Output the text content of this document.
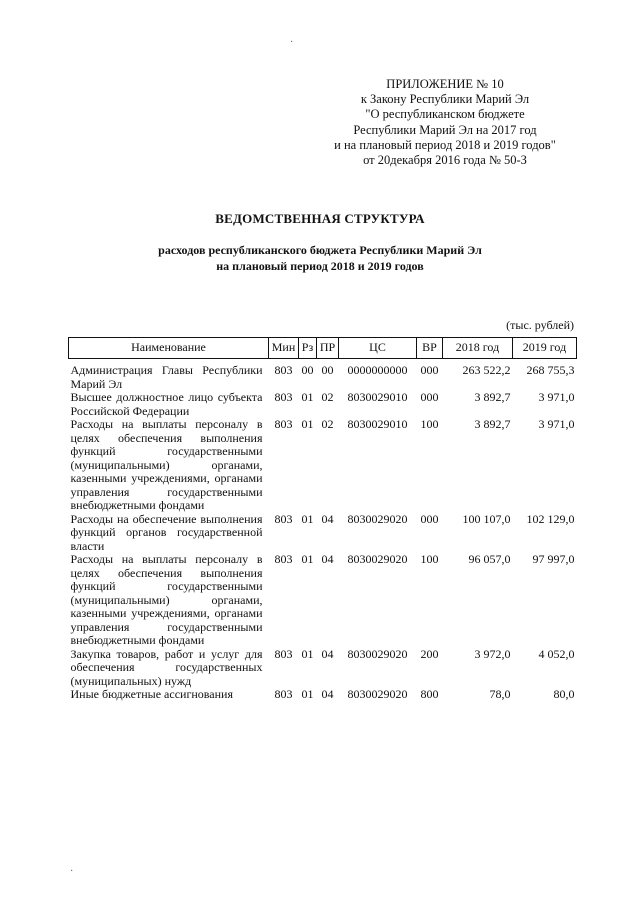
ПРИЛОЖЕНИЕ № 10
к Закону Республики Марий Эл
"О республиканском бюджете
Республики Марий Эл на 2017 год
и на плановый период 2018 и 2019 годов"
от 20декабря 2016 года № 50-З
ВЕДОМСТВЕННАЯ СТРУКТУРА
расходов республиканского бюджета Республики Марий Эл
на плановый период 2018 и 2019 годов
(тыс. рублей)
Наименование	Мин	Рз	ПР	ЦС	ВР	2018 год	2019 год

Администрация Главы Республики Марий Эл	803	00	00	0000000000	000	263 522,2	268 755,3
Высшее должностное лицо субъекта Российской Федерации	803	01	02	8030029010	000	3 892,7	3 971,0
Расходы на выплаты персоналу в целях обеспечения выполнения функций государственными (муниципальными) органами, казенными учреждениями, органами управления государственными внебюджетными фондами	803	01	02	8030029010	100	3 892,7	3 971,0
Расходы на обеспечение выполнения функций органов государственной власти	803	01	04	8030029020	000	100 107,0	102 129,0
Расходы на выплаты персоналу в целях обеспечения выполнения функций государственными (муниципальными) органами, казенными учреждениями, органами управления государственными внебюджетными фондами	803	01	04	8030029020	100	96 057,0	97 997,0
Закупка товаров, работ и услуг для обеспечения государственных (муниципальных) нужд	803	01	04	8030029020	200	3 972,0	4 052,0
Иные бюджетные ассигнования	803	01	04	8030029020	800	78,0	80,0
·
·
